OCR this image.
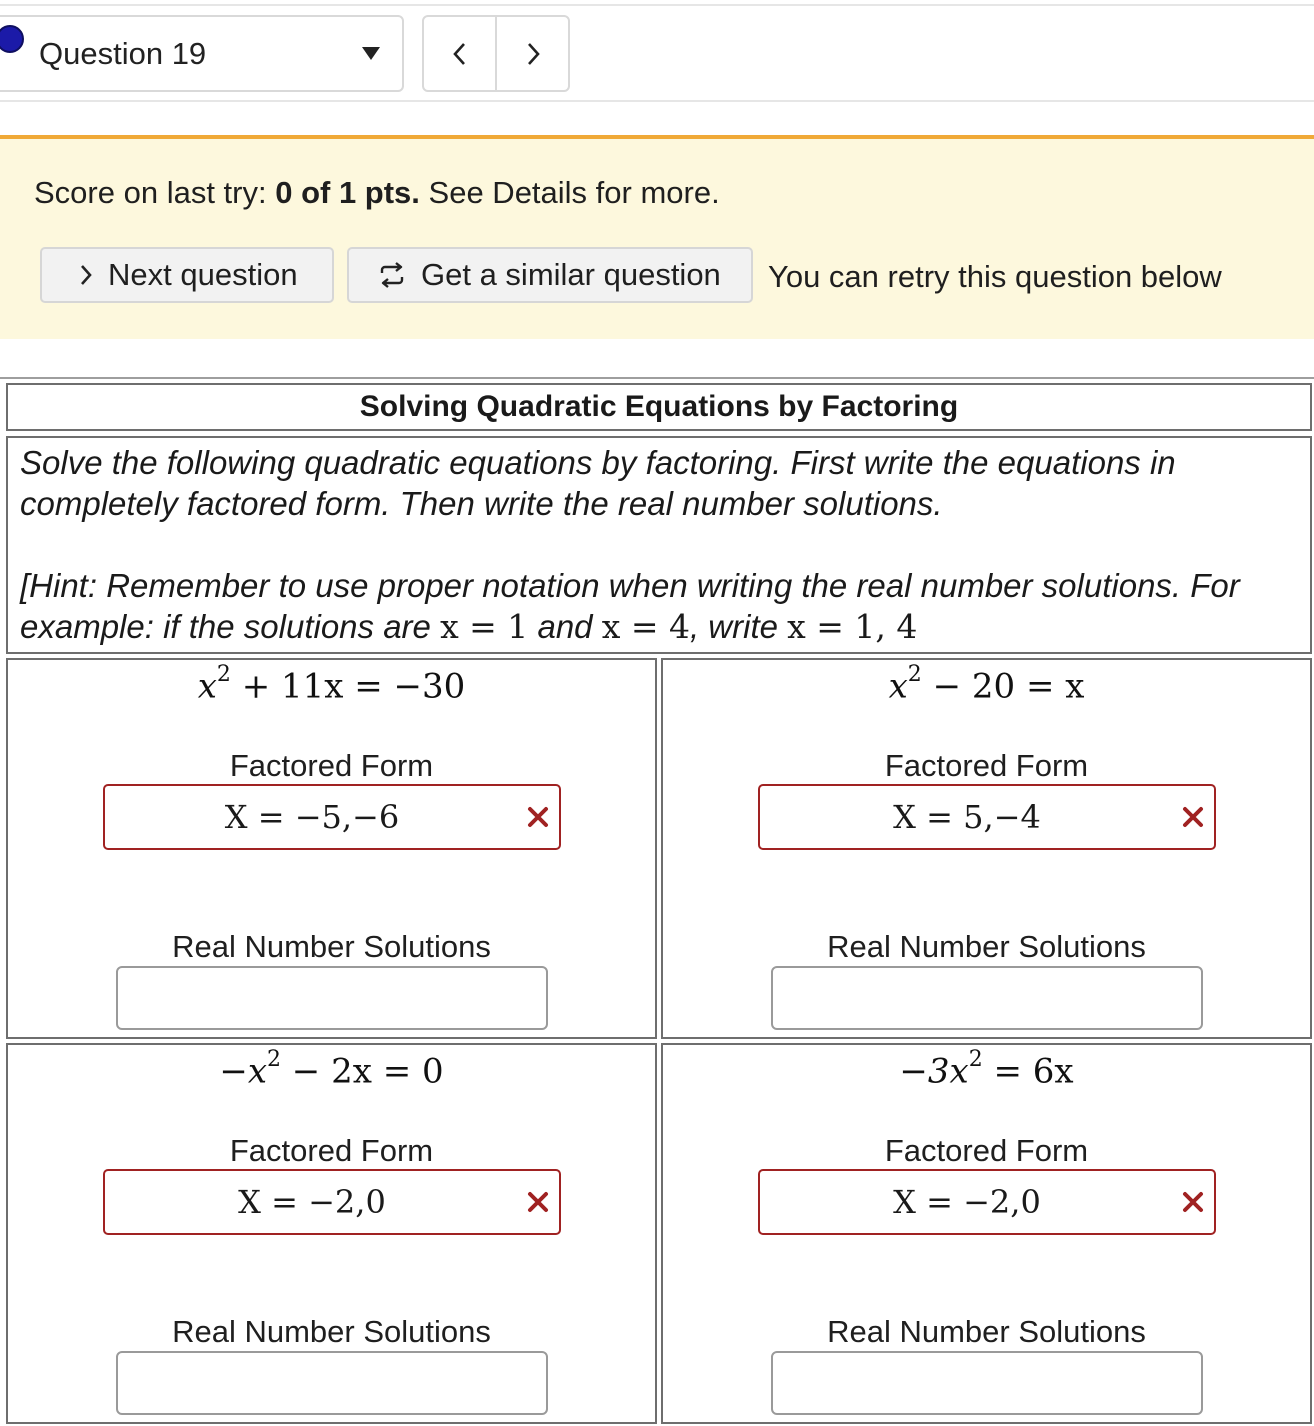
Question 19
Score on last try: 0 of 1 pts. See Details for more.
Next question	Get a similar question You can retry this question below
Solving Quadratic Equations by Factoring

Solve the following quadratic equations by factoring. First write the equations in completely factored form. Then write the real number solutions.

[Hint: Remember to use proper notation when writing the real number solutions. For example: if the solutions are x = 1 and x = 4, write x = 1, 4

$x^2 + 11x = -30$
Factored Form
X = −5,−6
Real Number Solutions
$x^2 - 20 = x$
Factored Form
X = 5,−4
Real Number Solutions
$-x^2 - 2x = 0$
Factored Form
X = −2,0
Real Number Solutions
$-3x^2 = 6x$
Factored Form
X = −2,0
Real Number Solutions
